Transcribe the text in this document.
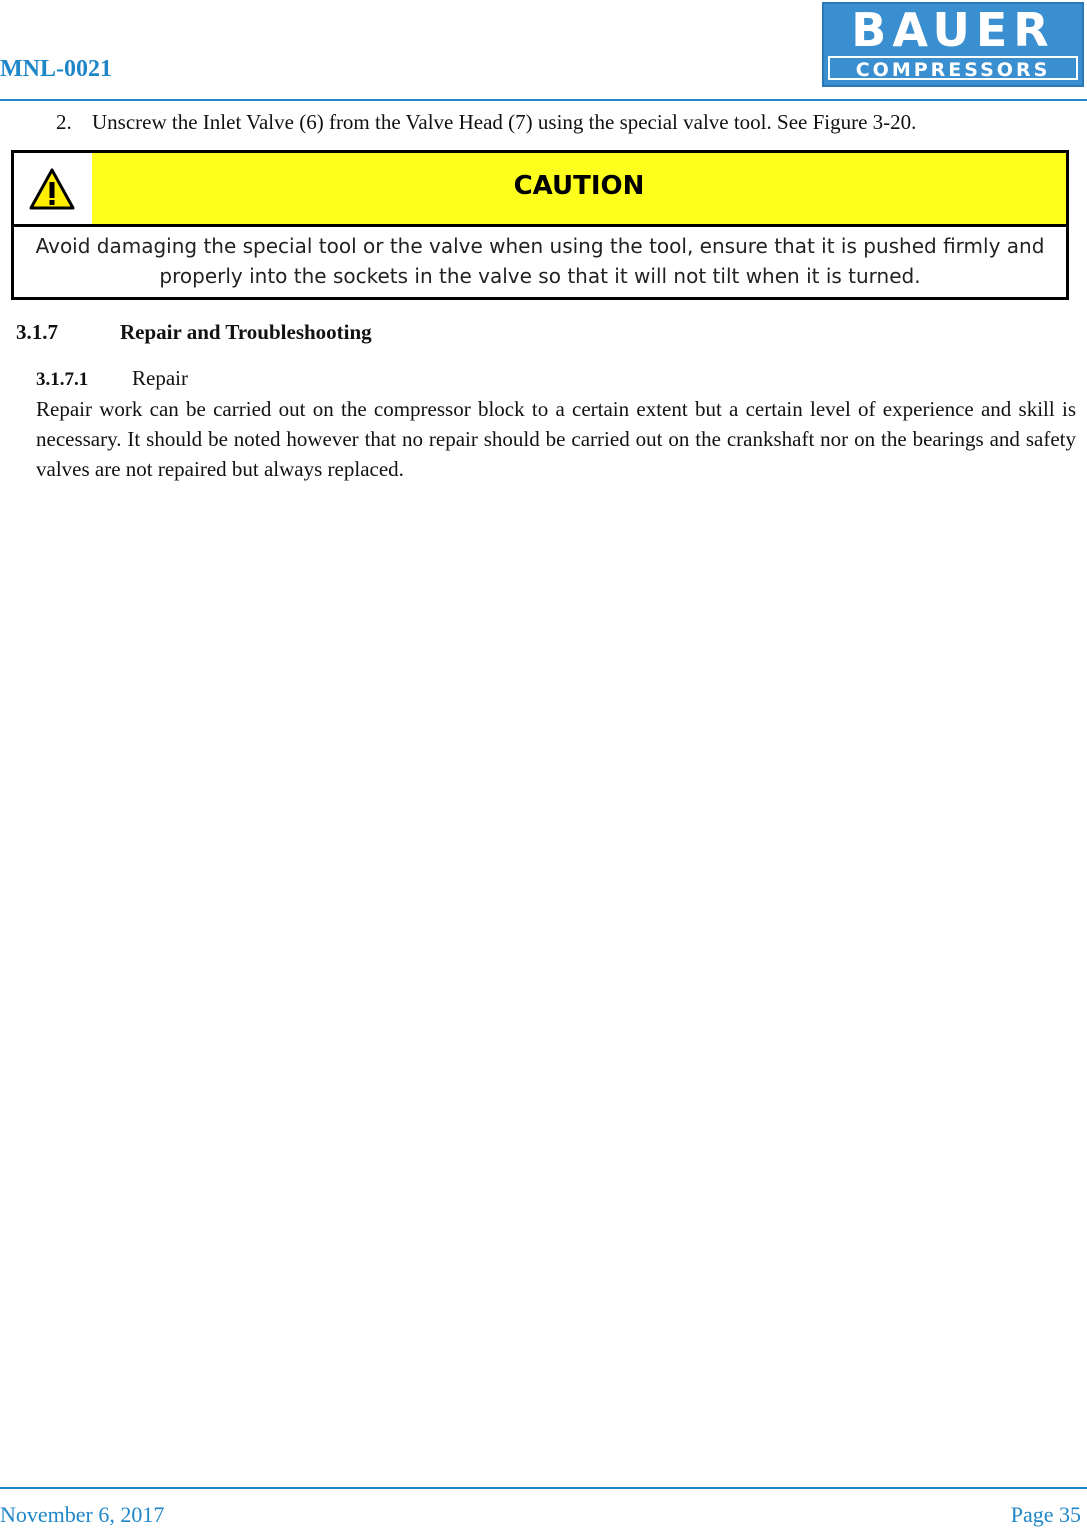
MNL-0021
BAUER
COMPRESSORS
2. Unscrew the Inlet Valve (6) from the Valve Head (7) using the special valve tool. See Figure 3-20.
CAUTION
Avoid damaging the special tool or the valve when using the tool, ensure that it is pushed firmly and properly into the sockets in the valve so that it will not tilt when it is turned.
3.1.7	Repair and Troubleshooting
3.1.7.1 Repair
Repair work can be carried out on the compressor block to a certain extent but a certain level of experience and skill is necessary. It should be noted however that no repair should be carried out on the crankshaft nor on the bearings and safety valves are not repaired but always replaced.
November 6, 2017	Page 35
